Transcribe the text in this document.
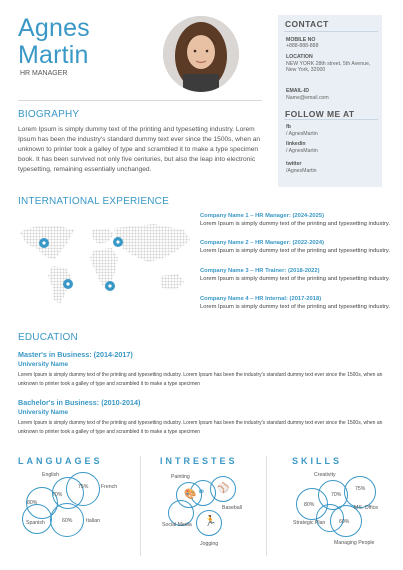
Agnes
Martin
HR MANAGER
CONTACT
MOBILE NO
+888-888-888
LOCATION
NEW YORK 28th street, 5th Avenue, New York, 32000
EMAIL-ID
Name@email.com
FOLLOW ME AT
fb
/ AgnesMartin
linkedin
/ AgnesMartin
twitter
/AgnesMartin
BIOGRAPHY
Lorem Ipsum is simply dummy text of the printing and typesetting industry. Lorem Ipsum has been the industry's standard dummy text ever since the 1500s, when an unknown to printer took a galley of type and scrambled it to make a type specimen book. It has been survived not only five centuries, but also the leap into electronic typesetting, remaining essentially unchanged.
INTERNATIONAL EXPERIENCE
Company Name 1 – HR Manager: (2024-2025)
Lorem Ipsum is simply dummy text of the printing and typesetting industry.
Company Name 2 – HR Manager: (2022-2024)
Lorem Ipsum is simply dummy text of the printing and typesetting industry.
Company Name 3 – HR Trainer: (2018-2022)
Lorem Ipsum is simply dummy text of the printing and typesetting industry.
Company Name 4 – HR Internal: (2017-2018)
Lorem Ipsum is simply dummy text of the printing and typesetting industry.
EDUCATION
Master's in Business: (2014-2017)
University Name
Lorem Ipsum is simply dummy text of the printing and typesetting industry. Lorem Ipsum has been the industry's standard dummy text ever since the 1500s, when an unknown to printer took a galley of type and scrambled it to make a type specimen
Bachelor's in Business: (2010-2014)
University Name
Lorem Ipsum is simply dummy text of the printing and typesetting industry. Lorem Ipsum has been the industry's standard dummy text ever since the 1500s, when an unknown to printer took a galley of type and scrambled it to make a type specimen
LANGUAGES
English
75% French
80%
70%
Spanish	60%	Italian
INTRESTES
🎨 ⚭ ⚾
🏃
Painting
Baseball
Social Media
Jogging
SKILLS
Creativity
75%
MS. Office
80%
70%
Strategic Plan	60%
Managing People
